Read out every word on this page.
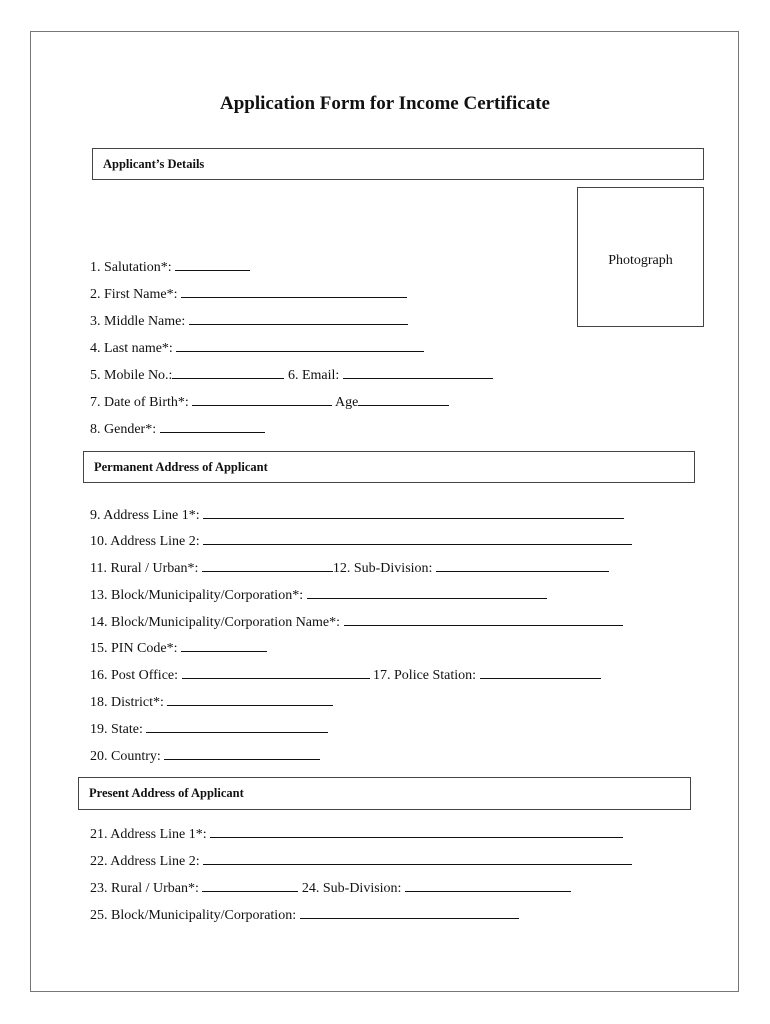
Application Form for Income Certificate
Applicant’s Details
Photograph
1. Salutation*:
2. First Name*:
3. Middle Name:
4. Last name*:
5. Mobile No.:	6. Email:
7. Date of Birth*:	Age
8. Gender*:
Permanent Address of Applicant
9. Address Line 1*:
10. Address Line 2:
11. Rural / Urban*:	12. Sub-Division:
13. Block/Municipality/Corporation*:
14. Block/Municipality/Corporation Name*:
15. PIN Code*:
16. Post Office:	17. Police Station:
18. District*:
19. State:
20. Country:
Present Address of Applicant
21. Address Line 1*:
22. Address Line 2:
23. Rural / Urban*:	24. Sub-Division:
25. Block/Municipality/Corporation:
